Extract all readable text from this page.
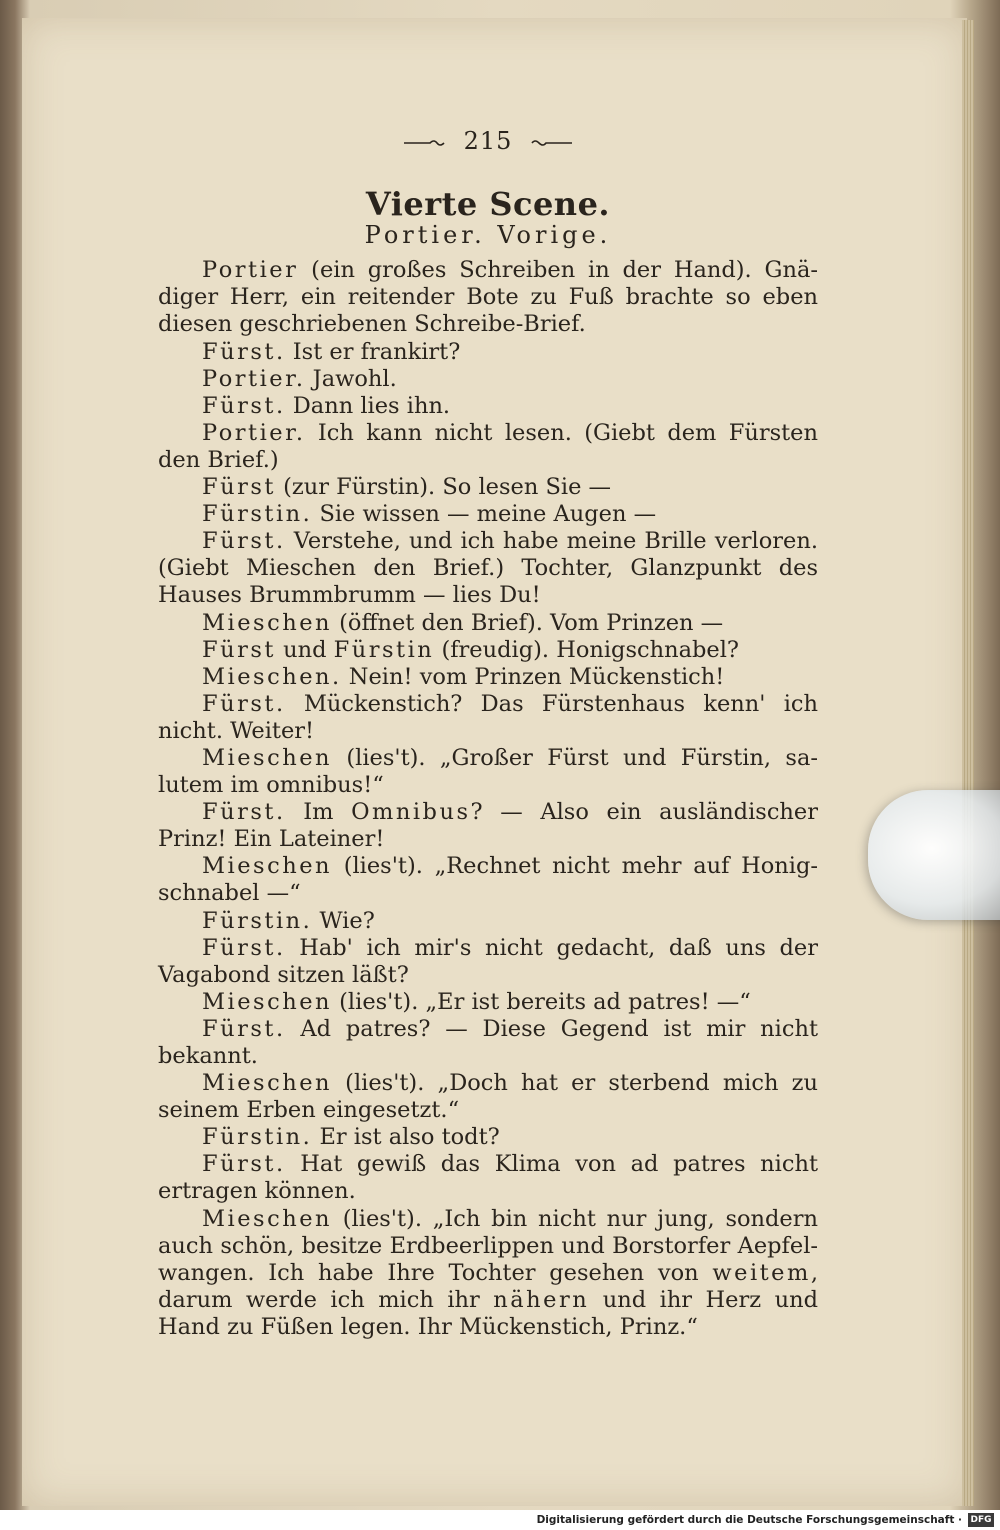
215
Vierte Scene.
Portier. Vorige.

Portier (ein großes Schreiben in der Hand). Gnädiger Herr, ein reitender Bote zu Fuß brachte so eben diesen geschriebenen Schreibe-Brief.

Fürst. Ist er frankirt?

Portier. Jawohl.

Fürst. Dann lies ihn.

Portier. Ich kann nicht lesen. (Giebt dem Fürsten den Brief.)

Fürst (zur Fürstin). So lesen Sie —

Fürstin. Sie wissen — meine Augen —

Fürst. Verstehe, und ich habe meine Brille verloren. (Giebt Mieschen den Brief.) Tochter, Glanzpunkt des Hauses Brummbrumm — lies Du!

Mieschen (öffnet den Brief). Vom Prinzen —

Fürst und Fürstin (freudig). Honigschnabel?

Mieschen. Nein! vom Prinzen Mückenstich!

Fürst. Mückenstich? Das Fürstenhaus kenn' ich nicht. Weiter!

Mieschen (lies't). „Großer Fürst und Fürstin, salutem im omnibus!“

Fürst. Im Omnibus? — Also ein ausländischer Prinz! Ein Lateiner!

Mieschen (lies't). „Rechnet nicht mehr auf Honigschnabel —“

Fürstin. Wie?

Fürst. Hab' ich mir's nicht gedacht, daß uns der Vagabond sitzen läßt?

Mieschen (lies't). „Er ist bereits ad patres! —“

Fürst. Ad patres? — Diese Gegend ist mir nicht bekannt.

Mieschen (lies't). „Doch hat er sterbend mich zu seinem Erben eingesetzt.“

Fürstin. Er ist also todt?

Fürst. Hat gewiß das Klima von ad patres nicht ertragen können.

Mieschen (lies't). „Ich bin nicht nur jung, sondern auch schön, besitze Erdbeerlippen und Borstorfer Aepfelwangen. Ich habe Ihre Tochter gesehen von weitem, darum werde ich mich ihr nähern und ihr Herz und Hand zu Füßen legen. Ihr Mückenstich, Prinz.“

Digitalisierung gefördert durch die Deutsche Forschungsgemeinschaft · DFG
